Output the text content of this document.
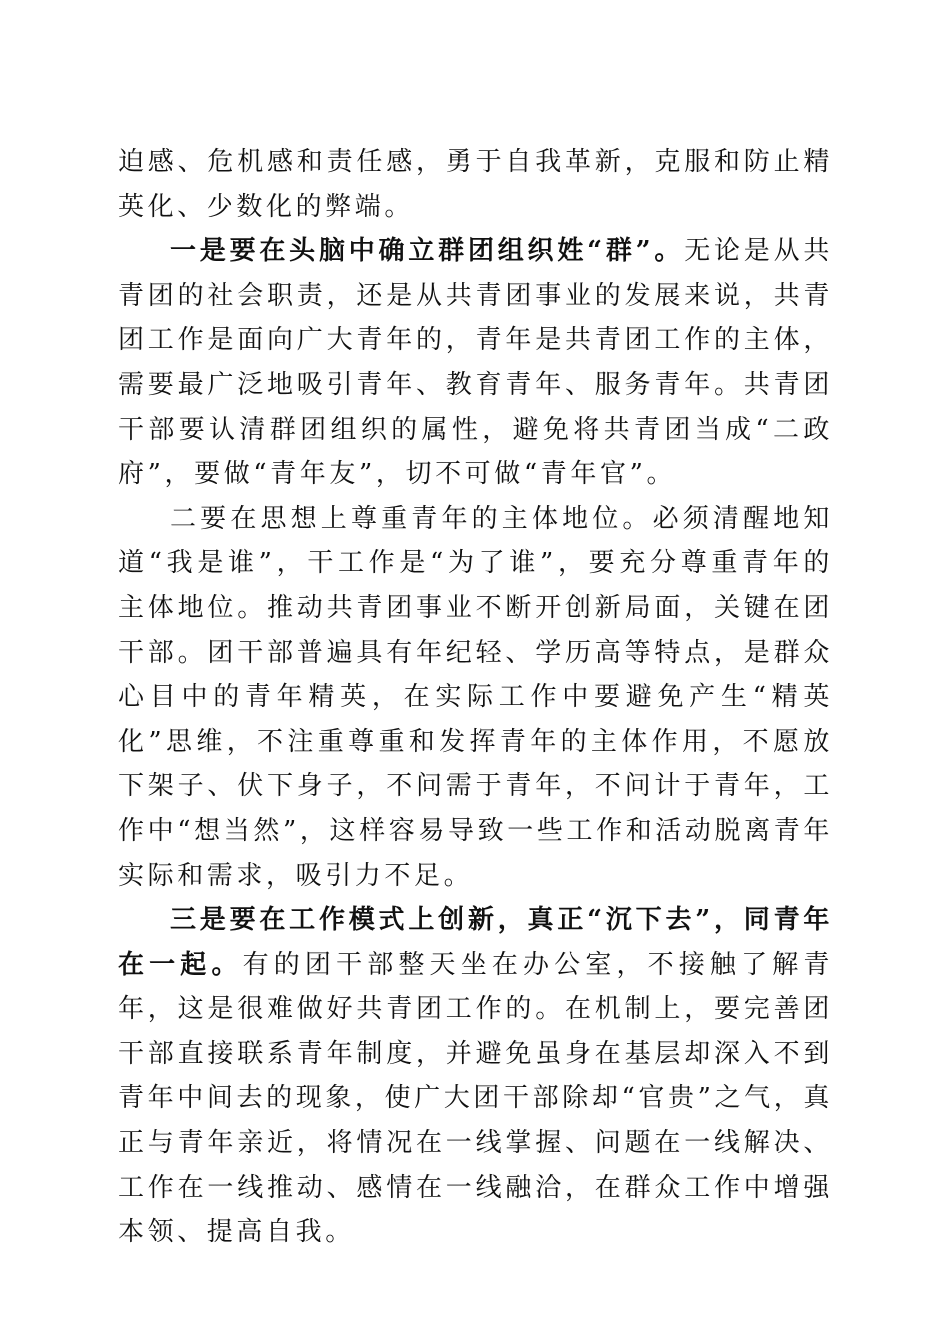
迫感、危机感和责任感，勇于自我革新，克服和防止精英化、少数化的弊端。

一是要在头脑中确立群团组织姓“群”。无论是从共青团的社会职责，还是从共青团事业的发展来说，共青团工作是面向广大青年的，青年是共青团工作的主体，需要最广泛地吸引青年、教育青年、服务青年。共青团干部要认清群团组织的属性，避免将共青团当成“二政府”，要做“青年友”，切不可做“青年官”。

二要在思想上尊重青年的主体地位。必须清醒地知道“我是谁”，干工作是“为了谁”，要充分尊重青年的主体地位。推动共青团事业不断开创新局面，关键在团干部。团干部普遍具有年纪轻、学历高等特点，是群众心目中的青年精英，在实际工作中要避免产生“精英化”思维，不注重尊重和发挥青年的主体作用，不愿放下架子、伏下身子，不问需于青年，不问计于青年，工作中“想当然”，这样容易导致一些工作和活动脱离青年实际和需求，吸引力不足。

三是要在工作模式上创新，真正“沉下去”，同青年在一起。有的团干部整天坐在办公室，不接触了解青年，这是很难做好共青团工作的。在机制上，要完善团干部直接联系青年制度，并避免虽身在基层却深入不到青年中间去的现象，使广大团干部除却“官贵”之气，真正与青年亲近，将情况在一线掌握、问题在一线解决、工作在一线推动、感情在一线融洽，在群众工作中增强本领、提高自我。
